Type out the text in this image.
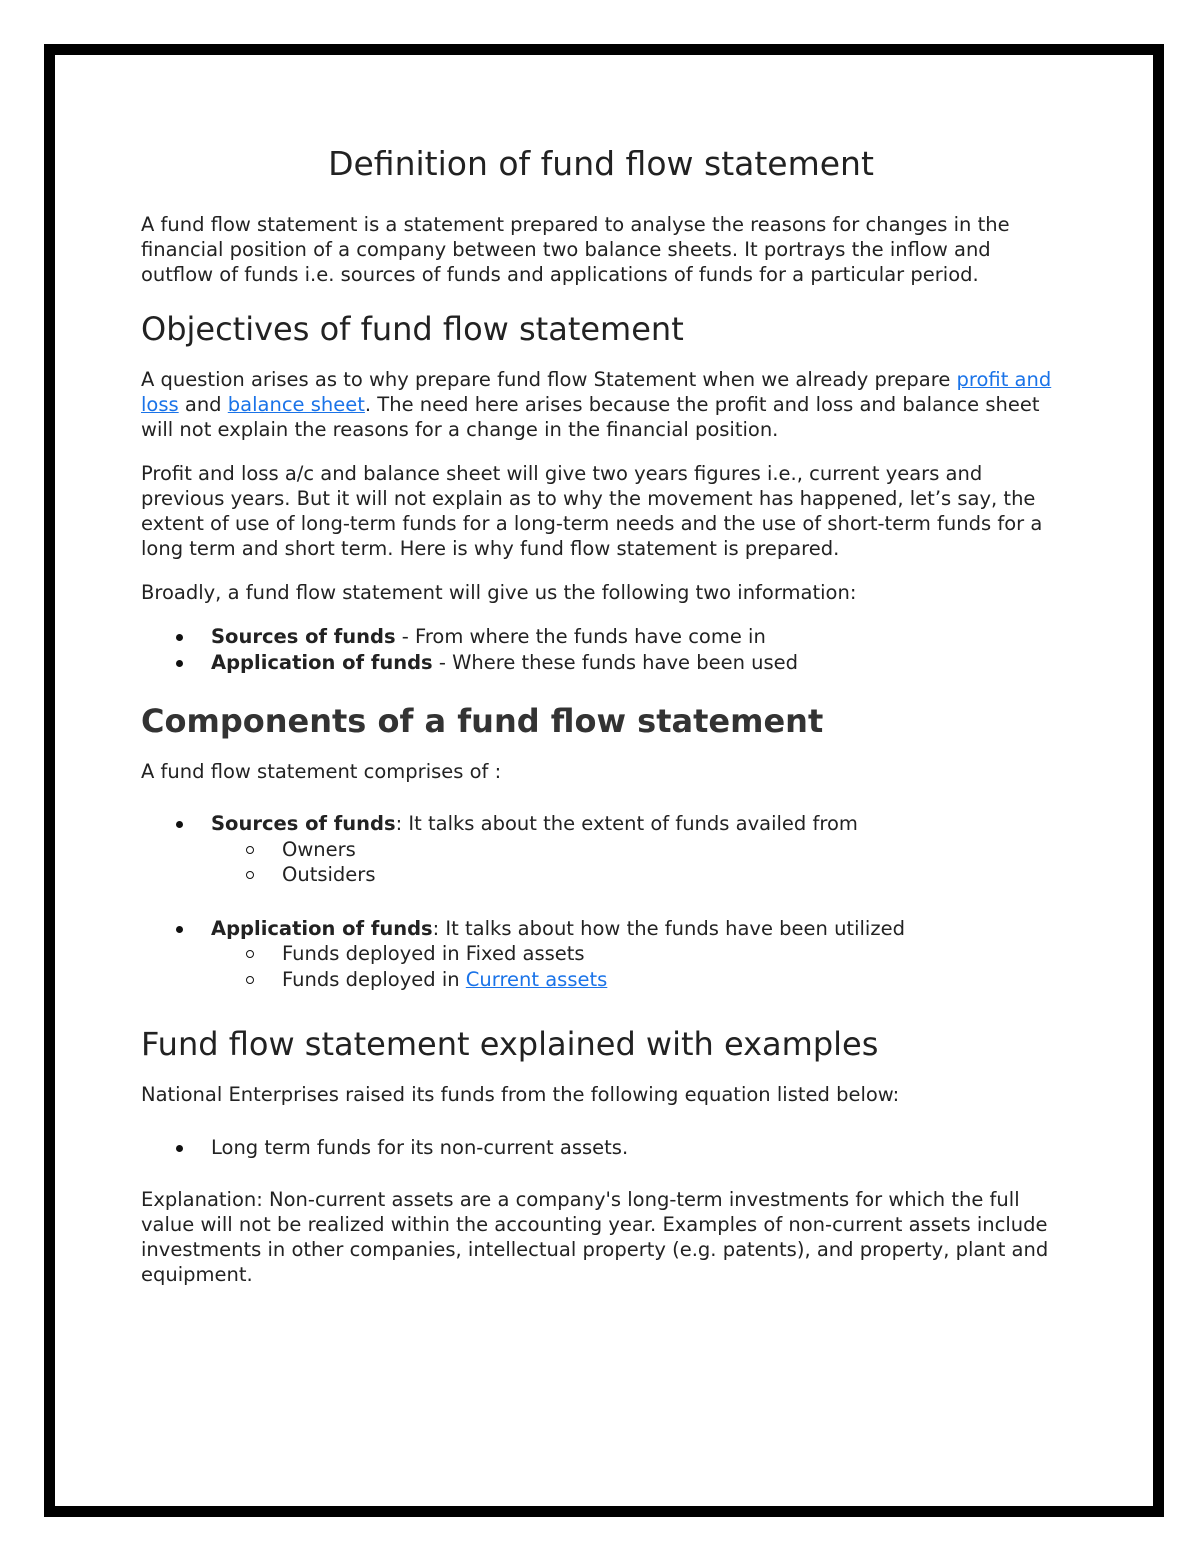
Definition of fund flow statement

A fund flow statement is a statement prepared to analyse the reasons for changes in the financial position of a company between two balance sheets. It portrays the inflow and outflow of funds i.e. sources of funds and applications of funds for a particular period.

Objectives of fund flow statement

A question arises as to why prepare fund flow Statement when we already prepare profit and loss and balance sheet. The need here arises because the profit and loss and balance sheet will not explain the reasons for a change in the financial position.

Profit and loss a/c and balance sheet will give two years figures i.e., current years and previous years. But it will not explain as to why the movement has happened, let’s say, the extent of use of long-term funds for a long-term needs and the use of short-term funds for a long term and short term. Here is why fund flow statement is prepared.

Broadly, a fund flow statement will give us the following two information:

Sources of funds - From where the funds have come in
Application of funds - Where these funds have been used
Components of a fund flow statement

A fund flow statement comprises of :

Sources of funds: It talks about the extent of funds availed from
Owners
Outsiders
Application of funds: It talks about how the funds have been utilized
Funds deployed in Fixed assets
Funds deployed in Current assets
Fund flow statement explained with examples

National Enterprises raised its funds from the following equation listed below:

Long term funds for its non-current assets.

Explanation: Non-current assets are a company's long-term investments for which the full value will not be realized within the accounting year. Examples of non-current assets include investments in other companies, intellectual property (e.g. patents), and property, plant and equipment.
